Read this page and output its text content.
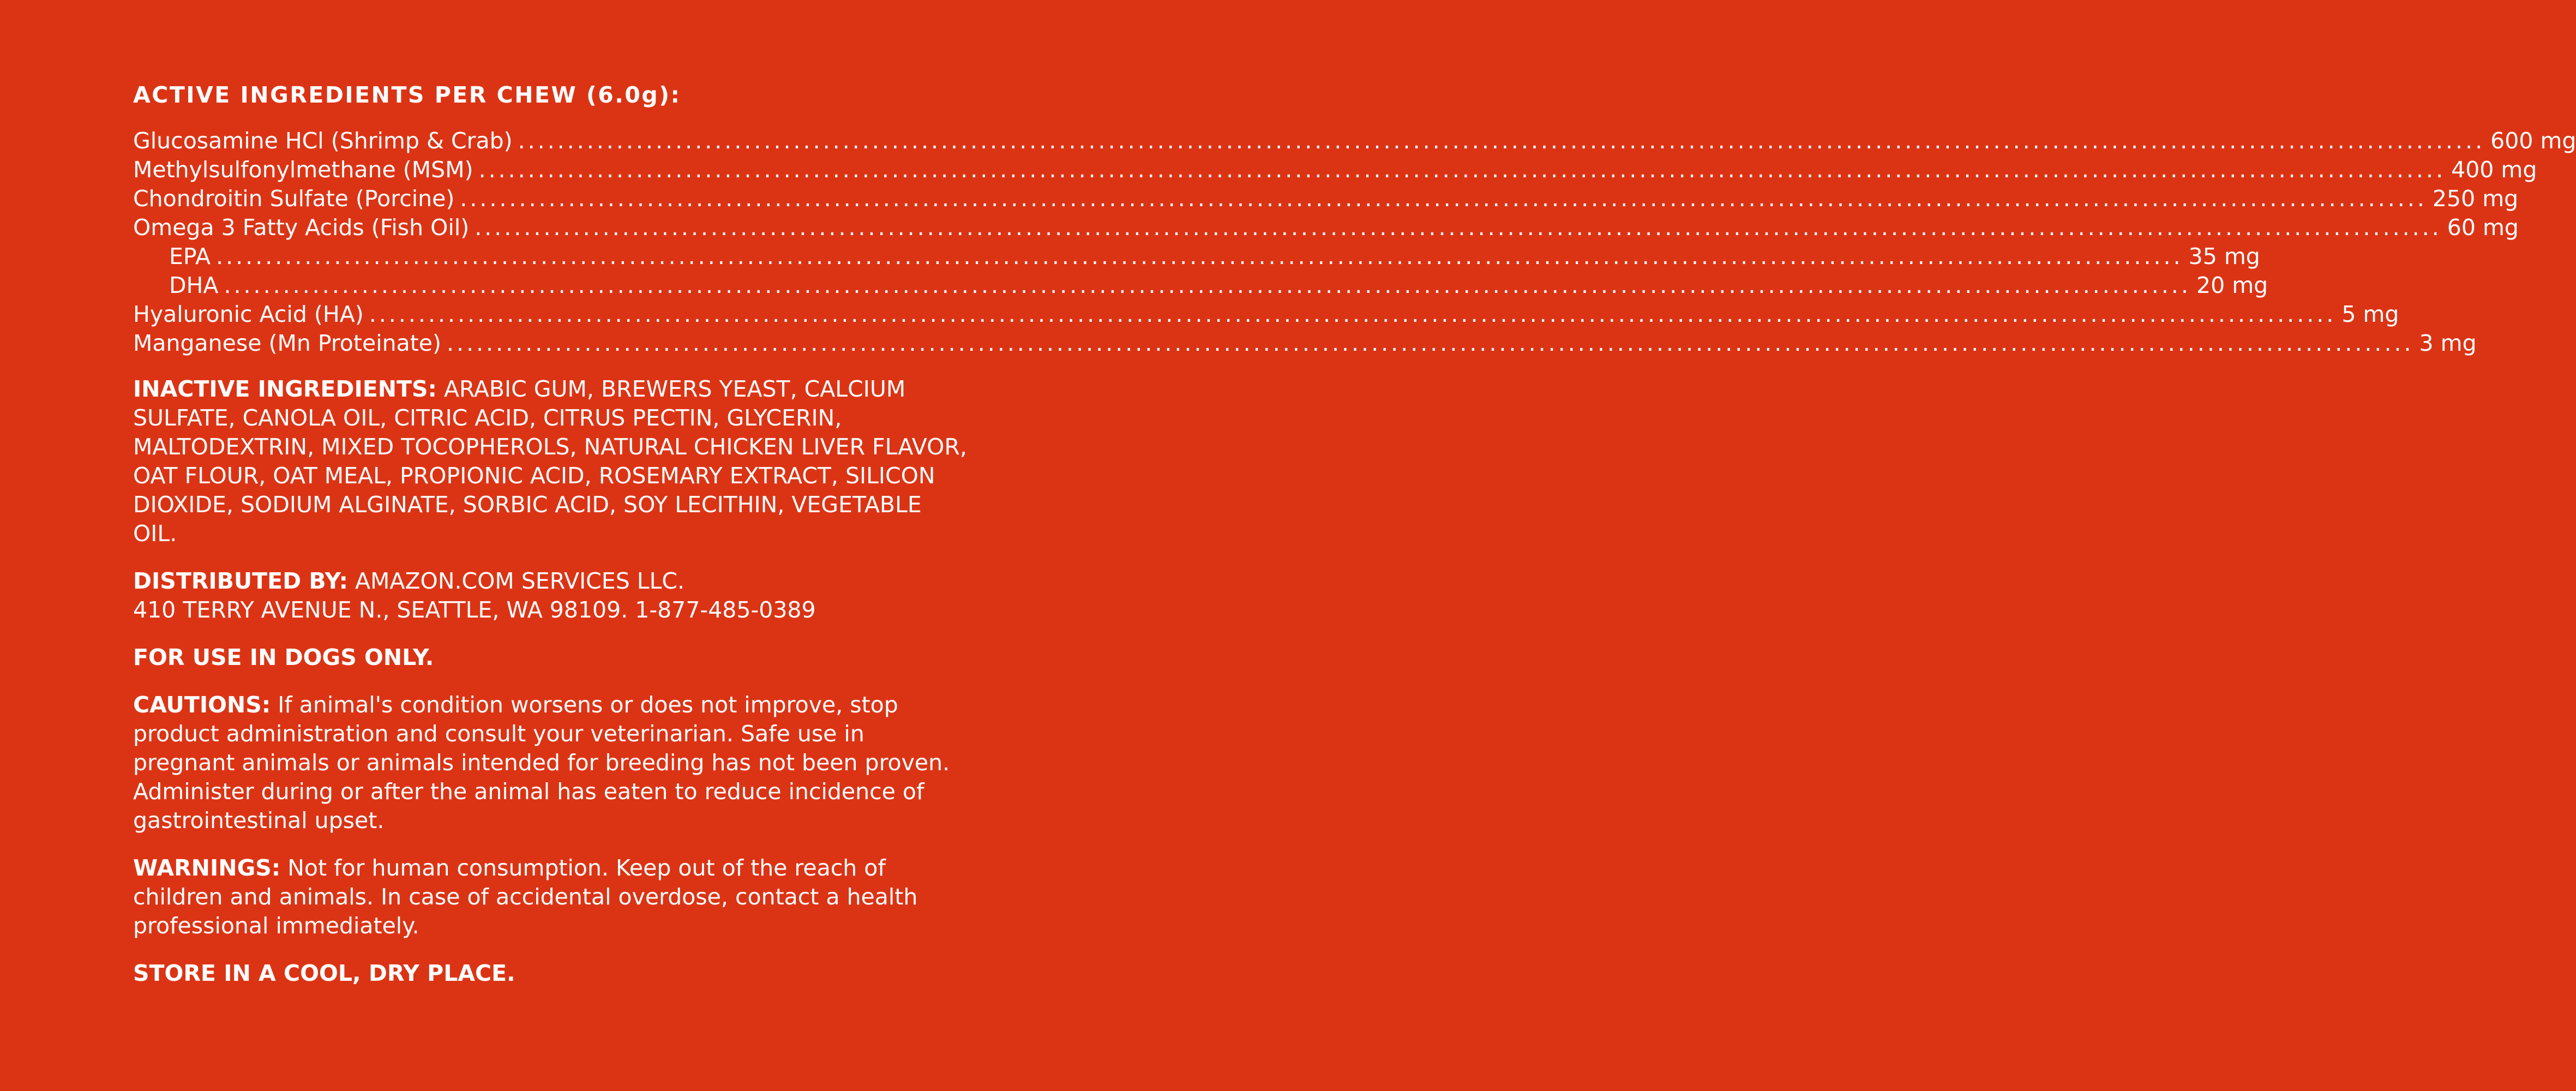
ACTIVE INGREDIENTS PER CHEW (6.0g):
Glucosamine HCl (Shrimp & Crab) ........................................................................................................................................................................................................ 600 mg
Methylsulfonylmethane (MSM) ........................................................................................................................................................................................................ 400 mg
Chondroitin Sulfate (Porcine) ........................................................................................................................................................................................................ 250 mg
Omega 3 Fatty Acids (Fish Oil) ........................................................................................................................................................................................................ 60 mg
EPA ........................................................................................................................................................................................................ 35 mg
DHA ........................................................................................................................................................................................................ 20 mg
Hyaluronic Acid (HA) ........................................................................................................................................................................................................ 5 mg
Manganese (Mn Proteinate) ........................................................................................................................................................................................................ 3 mg
INACTIVE INGREDIENTS: ARABIC GUM, BREWERS YEAST, CALCIUM SULFATE, CANOLA OIL, CITRIC ACID, CITRUS PECTIN, GLYCERIN, MALTODEXTRIN, MIXED TOCOPHEROLS, NATURAL CHICKEN LIVER FLAVOR, OAT FLOUR, OAT MEAL, PROPIONIC ACID, ROSEMARY EXTRACT, SILICON DIOXIDE, SODIUM ALGINATE, SORBIC ACID, SOY LECITHIN, VEGETABLE OIL.
DISTRIBUTED BY: AMAZON.COM SERVICES LLC.
410 TERRY AVENUE N., SEATTLE, WA 98109. 1-877-485-0389
FOR USE IN DOGS ONLY.
CAUTIONS: If animal's condition worsens or does not improve, stop product administration and consult your veterinarian. Safe use in pregnant animals or animals intended for breeding has not been proven. Administer during or after the animal has eaten to reduce incidence of gastrointestinal upset.
WARNINGS: Not for human consumption. Keep out of the reach of children and animals. In case of accidental overdose, contact a health professional immediately.
STORE IN A COOL, DRY PLACE.
